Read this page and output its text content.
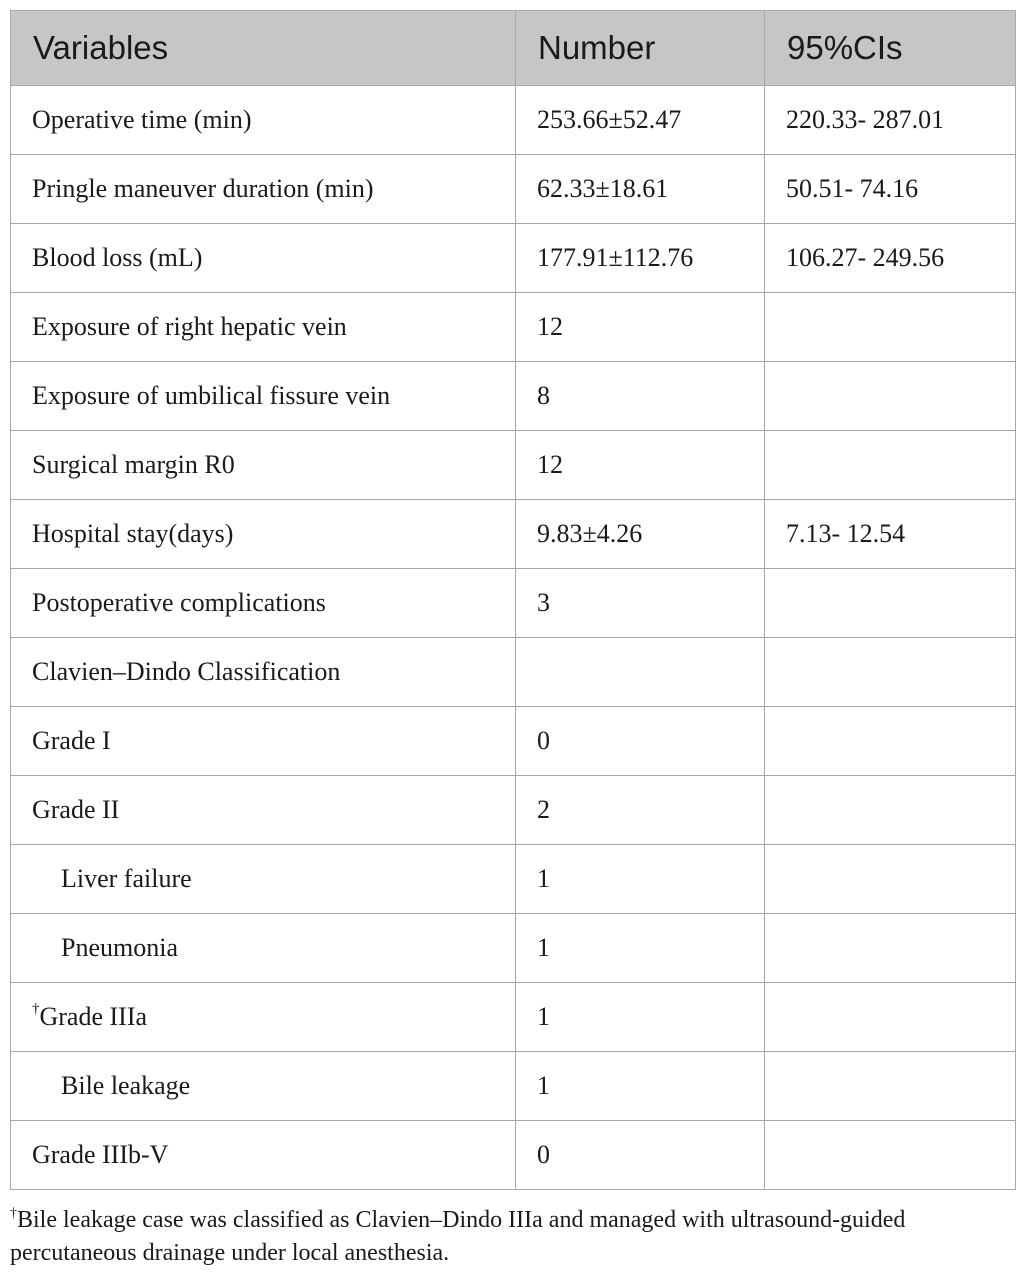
Variables	Number	95%CIs
Operative time (min)	253.66±52.47	220.33- 287.01
Pringle maneuver duration (min)	62.33±18.61	50.51- 74.16
Blood loss (mL)	177.91±112.76	106.27- 249.56
Exposure of right hepatic vein	12	
Exposure of umbilical fissure vein	8	
Surgical margin R0	12	
Hospital stay(days)	9.83±4.26	7.13- 12.54
Postoperative complications	3	
Clavien–Dindo Classification		
Grade I	0	
Grade II	2	
Liver failure	1	
Pneumonia	1	
†Grade IIIa	1	
Bile leakage	1	
Grade IIIb-V	0	
†Bile leakage case was classified as Clavien–Dindo IIIa and managed with ultrasound-guided percutaneous drainage under local anesthesia.
